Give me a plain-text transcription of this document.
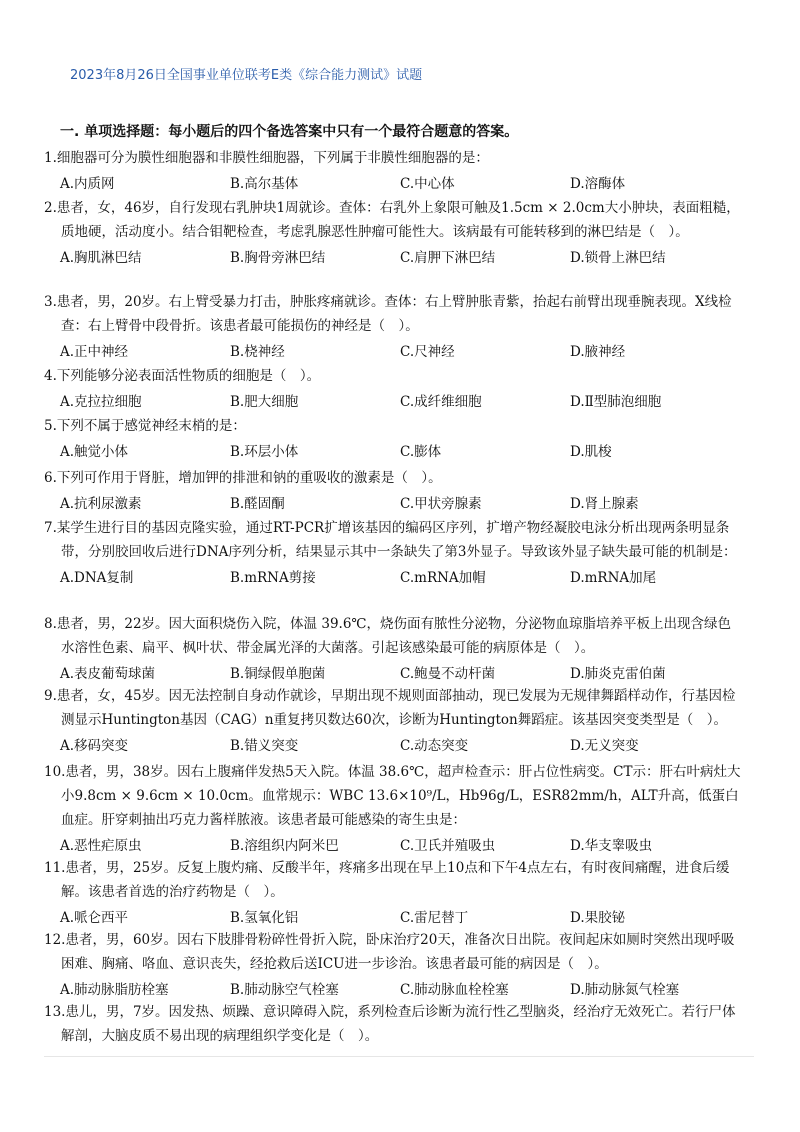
2023年8月26日全国事业单位联考E类《综合能力测试》试题
一. 单项选择题：每小题后的四个备选答案中只有一个最符合题意的答案。
1.细胞器可分为膜性细胞器和非膜性细胞器，下列属于非膜性细胞器的是：
A.内质网	B.高尔基体	C.中心体	D.溶酶体
2.患者，女，46岁，自行发现右乳肿块1周就诊。查体：右乳外上象限可触及1.5cm × 2.0cm大小肿块，表面粗糙，质地硬，活动度小。结合钼靶检查，考虑乳腺恶性肿瘤可能性大。该病最有可能转移到的淋巴结是（　）。
A.胸肌淋巴结	B.胸骨旁淋巴结	C.肩胛下淋巴结	D.锁骨上淋巴结
3.患者，男，20岁。右上臂受暴力打击，肿胀疼痛就诊。查体：右上臂肿胀青紫，抬起右前臂出现垂腕表现。X线检查：右上臂骨中段骨折。该患者最可能损伤的神经是（　）。
A.正中神经	B.桡神经	C.尺神经	D.腋神经
4.下列能够分泌表面活性物质的细胞是（　）。
A.克拉拉细胞	B.肥大细胞	C.成纤维细胞	D.Ⅱ型肺泡细胞
5.下列不属于感觉神经末梢的是：
A.触觉小体	B.环层小体	C.膨体	D.肌梭
6.下列可作用于肾脏，增加钾的排泄和钠的重吸收的激素是（　）。
A.抗利尿激素	B.醛固酮	C.甲状旁腺素	D.肾上腺素
7.某学生进行目的基因克隆实验，通过RT-PCR扩增该基因的编码区序列，扩增产物经凝胶电泳分析出现两条明显条带，分别胶回收后进行DNA序列分析，结果显示其中一条缺失了第3外显子。导致该外显子缺失最可能的机制是：
A.DNA复制	B.mRNA剪接	C.mRNA加帽	D.mRNA加尾
8.患者，男，22岁。因大面积烧伤入院，体温 39.6℃，烧伤面有脓性分泌物，分泌物血琼脂培养平板上出现含绿色水溶性色素、扁平、枫叶状、带金属光泽的大菌落。引起该感染最可能的病原体是（　）。
A.表皮葡萄球菌	B.铜绿假单胞菌	C.鲍曼不动杆菌	D.肺炎克雷伯菌
9.患者，女，45岁。因无法控制自身动作就诊，早期出现不规则面部抽动，现已发展为无规律舞蹈样动作，行基因检测显示Huntington基因（CAG）n重复拷贝数达60次，诊断为Huntington舞蹈症。该基因突变类型是（　）。
A.移码突变	B.错义突变	C.动态突变	D.无义突变
10.患者，男，38岁。因右上腹痛伴发热5天入院。体温 38.6℃，超声检查示：肝占位性病变。CT示：肝右叶病灶大小9.8cm × 9.6cm × 10.0cm。血常规示：WBC 13.6×10⁹/L，Hb96g/L，ESR82mm/h，ALT升高，低蛋白血症。肝穿刺抽出巧克力酱样脓液。该患者最可能感染的寄生虫是：
A.恶性疟原虫	B.溶组织内阿米巴	C.卫氏并殖吸虫	D.华支睾吸虫
11.患者，男，25岁。反复上腹灼痛、反酸半年，疼痛多出现在早上10点和下午4点左右，有时夜间痛醒，进食后缓解。该患者首选的治疗药物是（　）。
A.哌仑西平	B.氢氧化铝	C.雷尼替丁	D.果胶铋
12.患者，男，60岁。因右下肢腓骨粉碎性骨折入院，卧床治疗20天，准备次日出院。夜间起床如厕时突然出现呼吸困难、胸痛、咯血、意识丧失，经抢救后送ICU进一步诊治。该患者最可能的病因是（　）。
A.肺动脉脂肪栓塞	B.肺动脉空气栓塞	C.肺动脉血栓栓塞	D.肺动脉氮气栓塞
13.患儿，男，7岁。因发热、烦躁、意识障碍入院，系列检查后诊断为流行性乙型脑炎，经治疗无效死亡。若行尸体解剖，大脑皮质不易出现的病理组织学变化是（　）。
